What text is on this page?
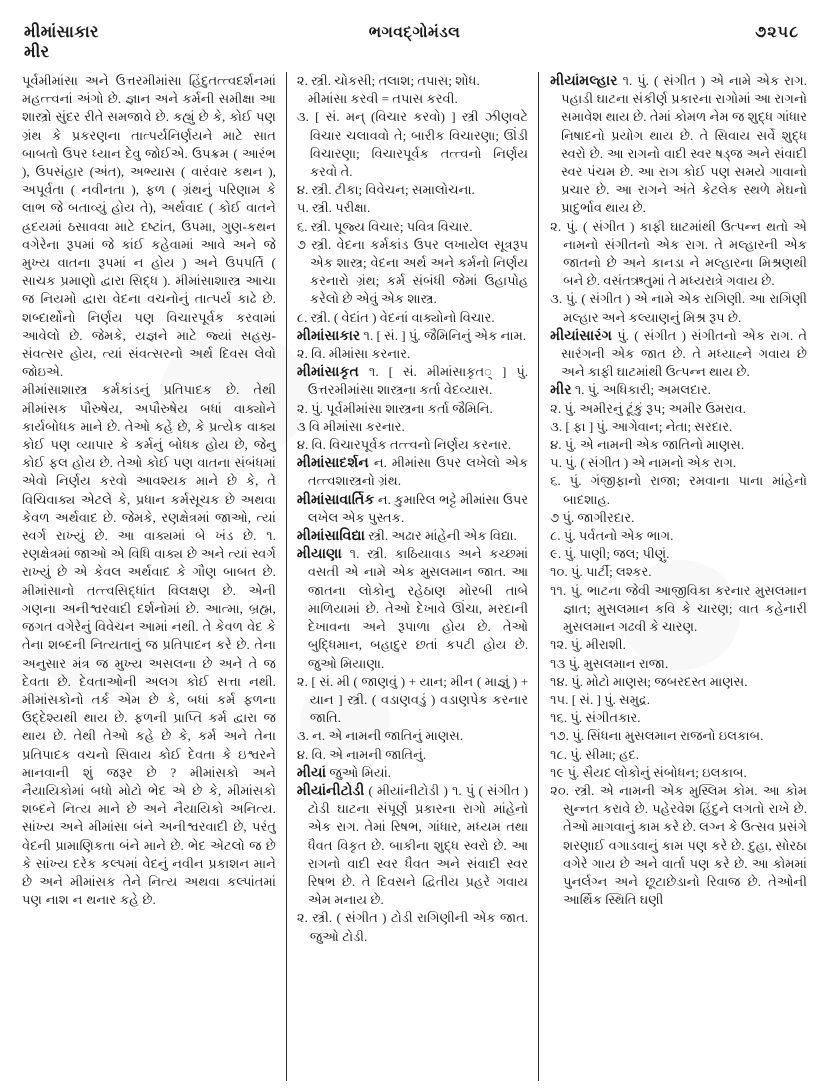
મીમાંસાકાર
મીર
ભગવદ્ગોમંડલ	૭૨૫૮

પૂર્વમીમાંસા અને ઉત્તરમીમાંસા હિંદુતત્ત્વદર્શનમાં મહત્ત્વનાં અંગો છે. જ્ઞાન અને કર્મની સમીક્ષા આ શાસ્ત્રો સુંદર રીતે સમજાવે છે. કહ્યું છે કે, કોઈ પણ ગ્રંથ કે પ્રકરણના તાત્પર્યનિર્ણયને માટે સાત બાબતો ઉપર ધ્યાન દેવુ જોઈએ. ઉપક્રમ ( આરંભ ), ઉપસંહાર (અંત), અભ્યાસ ( વારંવાર કથન ), અપૂર્વતા ( નવીનતા ), ફળ ( ગ્રંથનું પરિણામ કે લાભ જે બતાવ્યું હોય તે), અર્થવાદ ( કોઈ વાતને હ્રદયમાં ઠસાવવા માટે દષ્ટાંત, ઉપમા, ગુણ-કથન વગેરેના રૂપમાં જે કાંઈ કહેવામાં આવે અને જે મુખ્ય વાતના રૂપમાં ન હોય ) અને ઉપપર્તિ ( સાચક પ્રમાણો દ્વારા સિદ્ધ ). મીમાંસાશાસ્ત્ર આચા જ નિયમો દ્વારા વેદના વચનોનું તાત્પર્ય કાઢે છે. શબ્દાર્થોનો નિર્ણય પણ વિચારપૂર્વક કરવામાં આવેલો છે. જેમકે, યજ્ઞને માટે જ્યાં સહસ્ર-સંવત્સર હોય, ત્યાં સંવત્સરનો અર્થ દિવસ લેવો જોઇએ.

મીમાંસાશાસ્ત્ર કર્મકાંડનું પ્રતિપાદક છે. તેથી મીમાંસક પૌરુષેય, અપૌરુષેય બધાં વાક્યોને કાર્યબોધક માને છે. તેઓ કહે છે, કે પ્રત્યેક વાક્ય કોઈ પણ વ્યાપાર કે કર્મનું બોધક હોય છે, જેનુ કોઈ ફલ હોય છે. તેઓ કોઈ પણ વાતના સંબંધમાં એવો નિર્ણય કરવો આવશ્યક માને છે કે, તે વિચિવાક્ય એટલે કે, પ્રધાન કર્મસૂચક છે અથવા કેવળ અર્થવાદ છે. જેમકે, રણક્ષેત્રમાં જાઓ, ત્યાં સ્વર્ગ રાખ્યું છે. આ વાક્યમાં બે ખંડ છે. ૧. રણક્ષેત્રમાં જાઓ એ વિધિ વાક્ય છે અને ત્યાં સ્વર્ગ રાખ્યું છે એ કેવલ અર્થવાદ કે ગૌણ બાબત છે. મીમાંસાનો તત્ત્વસિદ્ધાંત વિલક્ષણ છે. એની ગણના અનીશ્વરવાદી દર્શનોમાં છે. આત્મા, બ્રહ્મ, જગત વગેરેનું વિવેચન આમાં નથી. તે કેવળ વેદ કે તેના શબ્દની નિત્યતાનું જ પ્રતિપાદન કરે છે. તેના અનુસાર મંત્ર જ મુખ્ય અસલના છે અને તે જ દેવતા છે. દેવતાઓની અલગ કોઈ સત્તા નથી. મીમાંસકોનો તર્ક એમ છે કે, બધાં કર્મ ફળના ઉદ્દેશ્યથી થાય છે. ફળની પ્રાપ્તિ કર્મ દ્વારા જ થાય છે. તેથી તેઓ કહે છે કે, કર્મ અને તેના પ્રતિપાદક વચનો સિવાય કોઈ દેવતા કે ઇશ્વરને માનવાની શું જરૂર છે ? મીમાંસકો અને નૈયાયિકોમાં બધો મોટો ભેદ એ છે કે, મીમાંસકો શબ્દને નિત્ય માને છે અને નૈયાયિકો અનિત્ય. સાંખ્ય અને મીમાંસા બંને અનીશ્વરવાદી છે, પરંતુ વેદની પ્રામાણિકતા બંને માને છે. ભેદ એટલો જ છે કે સાંખ્ય દરેક કલ્પમાં વેદનું નવીન પ્રકાશન માને છે અને મીમાંસક તેને નિત્ય અથવા કલ્પાંતમાં પણ નાશ ન થનાર કહે છે.

૨. સ્ત્રી. ચોકસી; તલાશ; તપાસ; શોધ.

મીમાંસા કરવી = તપાસ કરવી.

૩. [ સં. મન્ (વિચાર કરવો) ] સ્ત્રી ઝીણવટે વિચાર ચલાવવો તે; બારીક વિચારણા; ઊંડી વિચારણા; વિચારપૂર્વક તત્ત્વનો નિર્ણય કરવો તે.

૪. સ્ત્રી. ટીકા; વિવેચન; સમાલોચના.

૫. સ્ત્રી. પરીક્ષા.

૬. સ્ત્રી. પૂજ્ય વિચાર; પવિત્ર વિચાર.

૭ સ્ત્રી. વેદના કર્મકાંડ ઉપર લખાયેલ સૂત્રરૂપ એક શાસ્ત્ર; વેદના અર્થ અને કર્મનો નિર્ણય કરનારો ગ્રંથ; કર્મ સંબંધી જેમાં ઉહાપોહ કરેલો છે એવું એક શાસ્ત્ર.

૮. સ્ત્રી. ( વેદાંત ) વેદનાં વાક્યોનો વિચાર.

મીમાંસાકાર ૧. [ સં. ] પું. જૈમિનિનું એક નામ.

૨. વિ. મીમાંસા કરનાર.

મીમાંસાકૃત ૧. [ સં. મીમાંસાકૃત् ] પું. ઉત્તરમીમાંસા શાસ્ત્રના કર્તા વેદવ્યાસ.

૨. પું. પૂર્વમીમાંસા શાસ્ત્રના કર્તા જૈમિનિ.

૩ વિ મીમાંસા કરનાર.

૪. વિ. વિચારપૂર્વક તત્ત્વનો નિર્ણય કરનાર.

મીમાંસાદર્શન ન. મીમાંસા ઉપર લખેલો એક તત્ત્વશાસ્ત્રનો ગ્રંથ.

મીમાંસાવાર્તિક ન. કુમારિલ ભટ્ટે મીમાંસા ઉપર લખેલ એક પુસ્તક.

મીમાંસાવિદ્યા સ્ત્રી. અઢાર માંહેની એક વિદ્યા.

મીયાણા ૧. સ્ત્રી. કાઠિયાવાડ અને કચ્છમાં વસતી એ નામે એક મુસલમાન જાત. આ જાતના લોકોનુ રહેઠાણ મોરબી તાબે માળિયામાં છે. તેઓ દેખાવે ઊંચા, મરદાની દેખાવના અને રૂપાળા હોય છે. તેઓ બુદ્ધિમાન, બહાદુર છતાં કપટી હોય છે. જુઓ મિયાણા.

૨. [ સં. મી ( જાણવું ) + યાન; મીન ( માજ્ઞું ) + યાન ] સ્ત્રી. ( વડાણવડું ) વડાણપેક કરનાર જાતિ.

૩. ન. એ નામની જાતિનું માણસ.

૪. વિ. એ નામની જાતિનું.

મીયાં જુઓ મિયાં.

મીયાંનીટોડી ( મીયાંનીટોડી ) ૧. પું ( સંગીત ) ટોડી ઘાટના સંપૂર્ણ પ્રકારના રાગો માંહેનો એક રાગ. તેમાં રિષભ, ગાંધાર, મધ્યમ તથા ધૈવત વિકૃત છે. બાકીના શુદ્ધ સ્વરો છે. આ રાગનો વાદી સ્વર ધૈવત અને સંવાદી સ્વર રિષભ છે. તે દિવસને દ્વિતીય પ્રહરે ગવાય એમ મનાય છે.

૨. સ્ત્રી. ( સંગીત ) ટોડી રાગિણીની એક જાત. જુઓ ટોડી.

મીયાંમલ્હાર ૧. પું. ( સંગીત ) એ નામે એક રાગ. પહાડી ઘાટના સંકીર્ણ પ્રકારના રાગોમાં આ રાગનો સમાવેશ થાય છે. તેમાં કોમળ નેમ જ શુદ્ધ ગાંધાર નિષાદનો પ્રયોગ થાય છે. તે સિવાય સર્વે શુદ્ધ સ્વરો છે. આ રાગનો વાદી સ્વર ષડ્જ અને સંવાદી સ્વર પંચમ છે. આ રાગ કોઈ પણ સમયે ગાવાનો પ્રચાર છે. આ રાગને અંતે કેટલેક સ્થળે મેઘનો પ્રાદુર્ભાવ થાય છે.

૨. પું. ( સંગીત ) કાફી ઘાટમાંથી ઉત્પન્ન થતો એ નામનો સંગીતનો એક રાગ. તે મલ્હારની એક જાતનો છે અને કાનડા ને મલ્હારના મિશ્રણથી બને છે. વસંતઋતુમાં તે મધ્યરાત્રે ગવાય છે.

૩. પું. ( સંગીત ) એ નામે એક રાગિણી. આ રાગિણી મલ્હાર અને કલ્યાણનું મિશ્ર રૂપ છે.

મીયાંસારંગ પું. ( સંગીત ) સંગીતનો એક રાગ. તે સારંગની એક જાત છે. તે મધ્યાહ્ને ગવાય છે અને કાફી ઘાટમાંથી ઉત્પન્ન થાય છે.

મીર ૧. પું. અધિકારી; અમલદાર.

૨. પું. અમીરનું ટૂંકું રૂપ; અમીર ઉમરાવ.

૩. [ ફા ] પું. આગેવાન; નેતા; સરદાર.

૪. પું. એ નામની એક જાતિનો માણસ.

૫. પું. ( સંગીત ) એ નામનો એક રાગ.

૬. પું. ગંજીફાનો રાજા; રમવાના પાના માંહેનો બાદશાહ.

૭ પું. જાગીરદાર.

૮. પું. પર્વતનો એક ભાગ.

૯. પું. પાણી; જલ; પીણું.

૧૦. પું. પાર્ટી; લશ્કર.

૧૧. પું. ભાટના જેવી આજીવિકા કરનાર મુસલમાન જ્ઞાત; મુસલમાન કવિ કે ચારણ; વાત કહેનારી મુસલમાન ગઢવી કે ચારણ.

૧૨. પું. મીરાશી.

૧૩ પું. મુસલમાન રાજા.

૧૪. પું. મોટો માણસ; જબરદસ્ત માણસ.

૧૫. [ સં. ] પું. સમુદ્ર.

૧૬. પું. સંગીતકાર.

૧૭. પું. સિંધના મુસલમાન રાજનો ઇલકાબ.

૧૮. પું. સીમા; હદ.

૧૯ પું. સૈયદ લોકોનું સંબોધન; ઇલકાબ.

૨૦. સ્ત્રી. એ નામની એક મુસ્લિમ કોમ. આ કોમ સુન્નત કરાવે છે. પહેરવેશ હિંદુને લગતો રાખે છે. તેઓ માગવાનું કામ કરે છે. લગ્ન કે ઉત્સવ પ્રસંગે શરણાઈ વગાડવાનું કામ પણ કરે છે. દુહા, સોરઠા વગેરે ગાય છે અને વાર્તા પણ કરે છે. આ કોમમાં પુનર્લગ્ન અને છૂટાછેડાનો રિવાજ છે. તેઓની આર્થિક સ્થિતિ ઘણી
